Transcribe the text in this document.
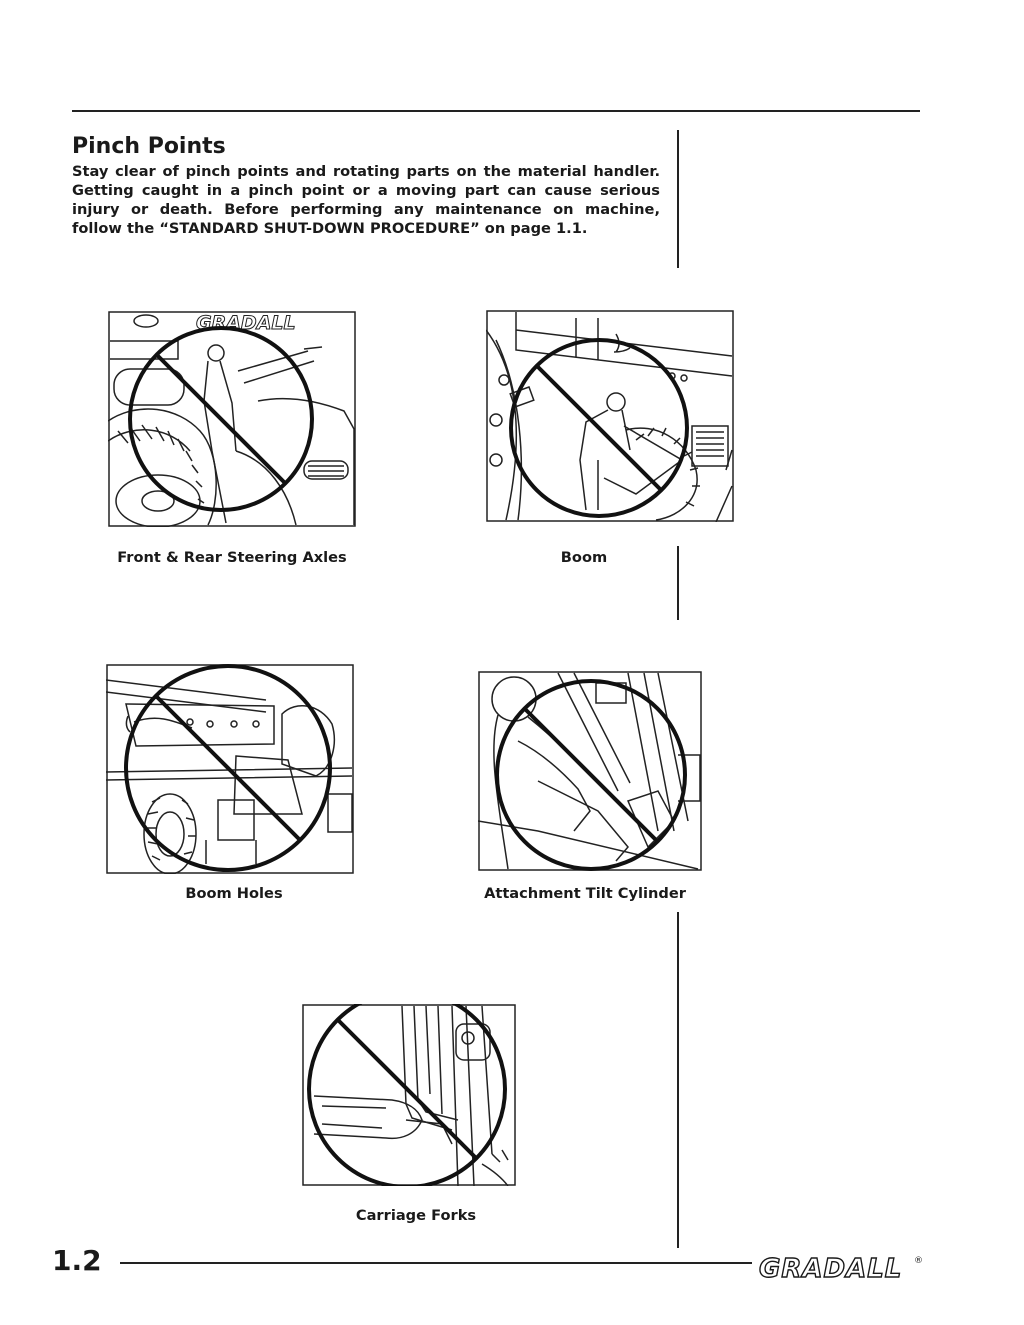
Pinch Points

Stay clear of pinch points and rotating parts on the material handler. Getting caught in a pinch point or a moving part can cause serious injury or death. Before performing any maintenance on machine, follow the “STANDARD SHUT-DOWN PROCEDURE” on page 1.1.

GRADALL
Front & Rear Steering Axles	Boom
Boom Holes	Attachment Tilt Cylinder
Carriage Forks
1.2	GRADALL ®
